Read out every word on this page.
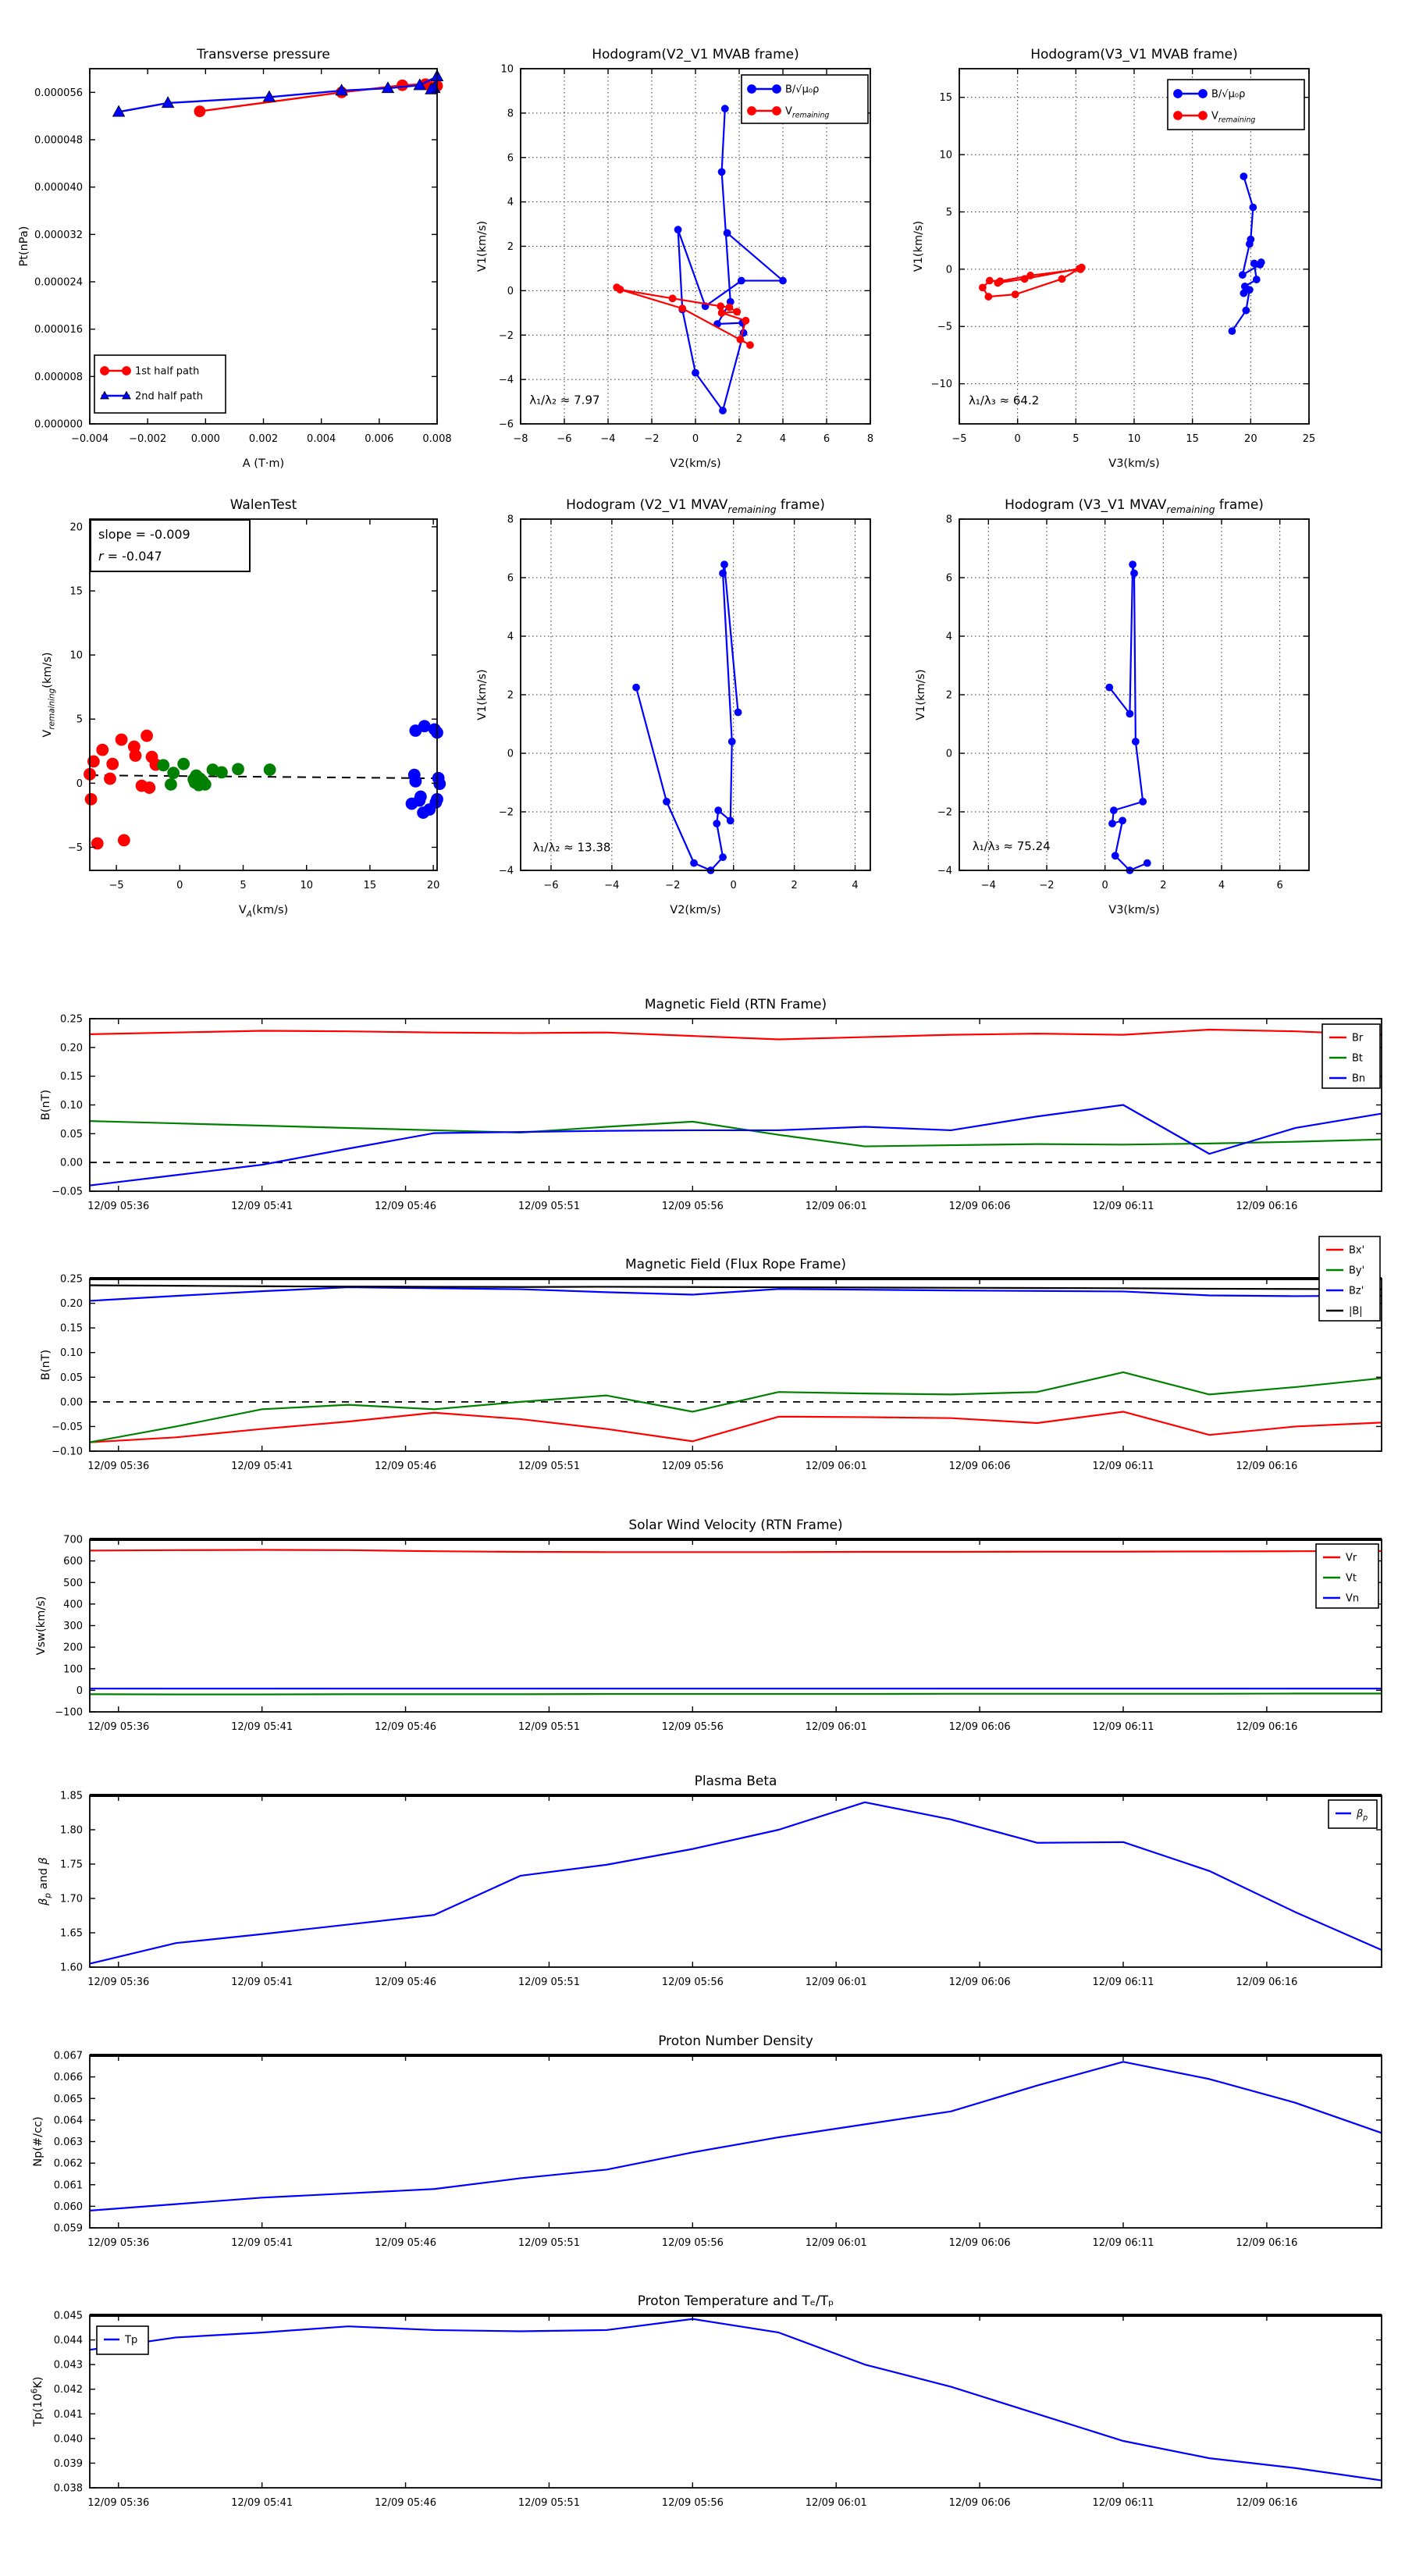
−0.004 −0.002 0.000	0.002	0.004	0.006	0.008
0.000000
0.000008
0.000016
0.000024
0.000032
0.000040
0.000048
0.000056
Transverse pressure
A (T·m)
Pt(nPa)
1st half path
2nd half path
−8	−6	−4	−2	0	2	4	6	8
−6
−4
−2
0
2
4
6
8
10
Hodogram(V2_V1 MVAB frame)
V2(km/s)
V1(km/s)
λ₁/λ₂ ≈ 7.97
B/√μ₀ρ
$V_{remaining}$
−5	0	5	10	15	20	25
−10
−5
0
5
10
15
Hodogram(V3_V1 MVAB frame)
V3(km/s)
V1(km/s)
λ₁/λ₃ ≈ 64.2
B/√μ₀ρ
$V_{remaining}$
−5	0	5	10	15	20
−5
0
5
10
15
20
WalenTest
$V_A(km/s)$
$V_{remaining}(km/s)$
slope = -0.009
r = -0.047
−6	−4	−2	0	2	4
−4
−2
0
2
4
6
8
Hodogram (V2_V1 $MVAV_{remaining}$ frame)
V2(km/s)
V1(km/s)
λ₁/λ₂ ≈ 13.38
−4	−2	0	2	4	6
−4
−2
0
2
4
6
8
Hodogram (V3_V1 $MVAV_{remaining}$ frame)
V3(km/s)
V1(km/s)
λ₁/λ₃ ≈ 75.24
12/09 05:36	12/09 05:41	12/09 05:46	12/09 05:51	12/09 05:56	12/09 06:01	12/09 06:06	12/09 06:11	12/09 06:16
−0.05
0.00
0.05
0.10
0.15
0.20
0.25
Magnetic Field (RTN Frame)
B(nT)
Br
Bt
Bn
12/09 05:36	12/09 05:41	12/09 05:46	12/09 05:51	12/09 05:56	12/09 06:01	12/09 06:06	12/09 06:11	12/09 06:16
−0.10
−0.05
0.00
0.05
0.10
0.15
0.20
0.25
Magnetic Field (Flux Rope Frame)
B(nT)
Bx'
By'
Bz'
|B|
12/09 05:36	12/09 05:41	12/09 05:46	12/09 05:51	12/09 05:56	12/09 06:01	12/09 06:06	12/09 06:11	12/09 06:16
−100
0
100
200
300
400
500
600
700
Solar Wind Velocity (RTN Frame)
Vsw(km/s)
Vr
Vt
Vn
12/09 05:36	12/09 05:41	12/09 05:46	12/09 05:51	12/09 05:56	12/09 06:01	12/09 06:06	12/09 06:11	12/09 06:16
1.60
1.65
1.70
1.75
1.80
1.85
Plasma Beta
$\beta_p$ and β
$\beta_p$
12/09 05:36	12/09 05:41	12/09 05:46	12/09 05:51	12/09 05:56	12/09 06:01	12/09 06:06	12/09 06:11	12/09 06:16
0.059
0.060
0.061
0.062
0.063
0.064
0.065
0.066
0.067
Proton Number Density
Np(#/cc)
12/09 05:36	12/09 05:41	12/09 05:46	12/09 05:51	12/09 05:56	12/09 06:01	12/09 06:06	12/09 06:11	12/09 06:16
0.038
0.039
0.040
0.041
0.042
0.043
0.044
0.045
Proton Temperature and Tₑ/Tₚ
$Tp(10^6K)$
Tp
